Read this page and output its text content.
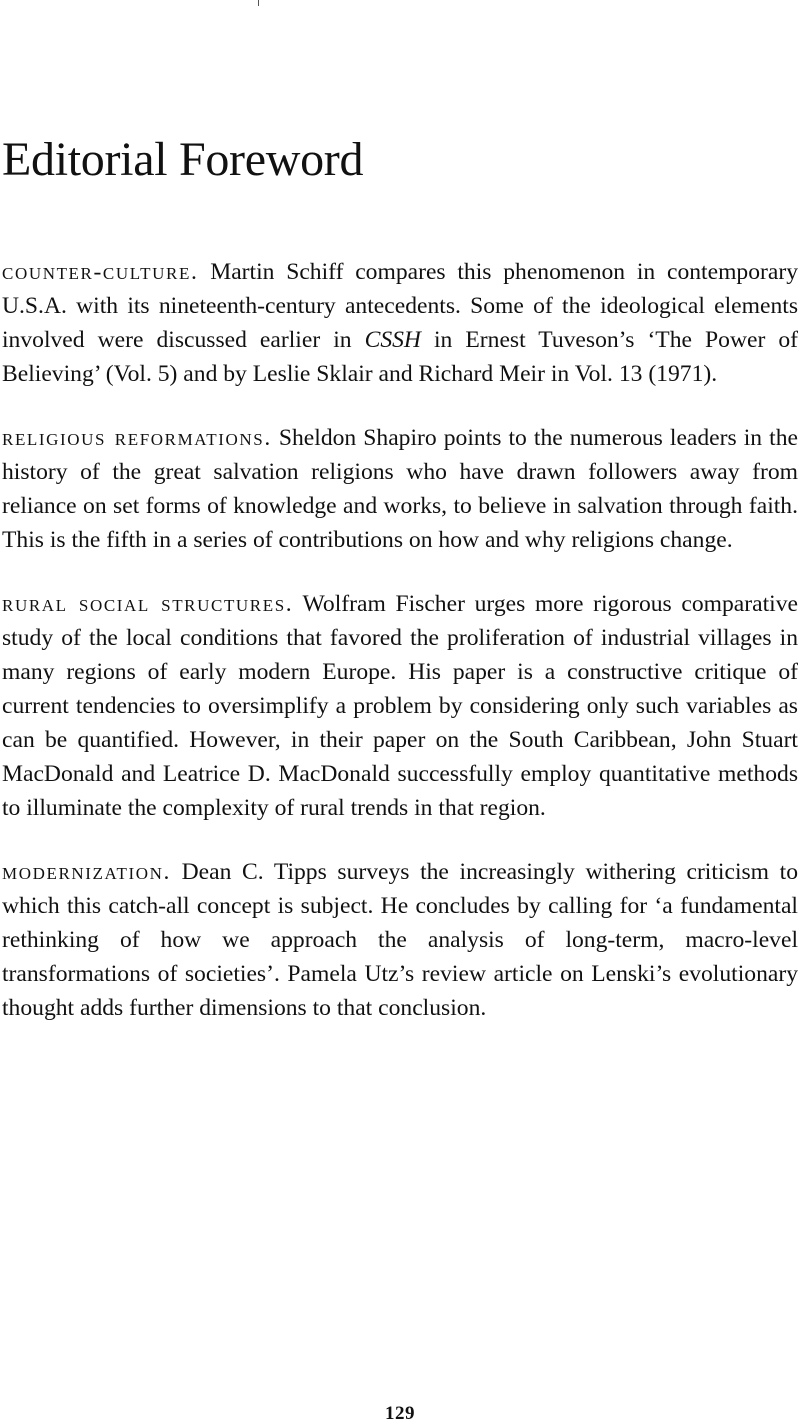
Editorial Foreword

counter-culture. Martin Schiff compares this phenomenon in contemporary U.S.A. with its nineteenth-century antecedents. Some of the ideological elements involved were discussed earlier in CSSH in Ernest Tuveson’s ‘The Power of Believing’ (Vol. 5) and by Leslie Sklair and Richard Meir in Vol. 13 (1971).

religious reformations. Sheldon Shapiro points to the numerous leaders in the history of the great salvation religions who have drawn followers away from reliance on set forms of knowledge and works, to believe in salvation through faith. This is the fifth in a series of contributions on how and why religions change.

rural social structures. Wolfram Fischer urges more rigorous comparative study of the local conditions that favored the proliferation of industrial villages in many regions of early modern Europe. His paper is a constructive critique of current tendencies to oversimplify a problem by considering only such variables as can be quantified. However, in their paper on the South Caribbean, John Stuart MacDonald and Leatrice D. MacDonald successfully employ quantitative methods to illuminate the complexity of rural trends in that region.

modernization. Dean C. Tipps surveys the increasingly withering criticism to which this catch-all concept is subject. He concludes by calling for ‘a fundamental rethinking of how we approach the analysis of long-term, macro-level transformations of societies’. Pamela Utz’s review article on Lenski’s evolutionary thought adds further dimensions to that conclusion.

129
